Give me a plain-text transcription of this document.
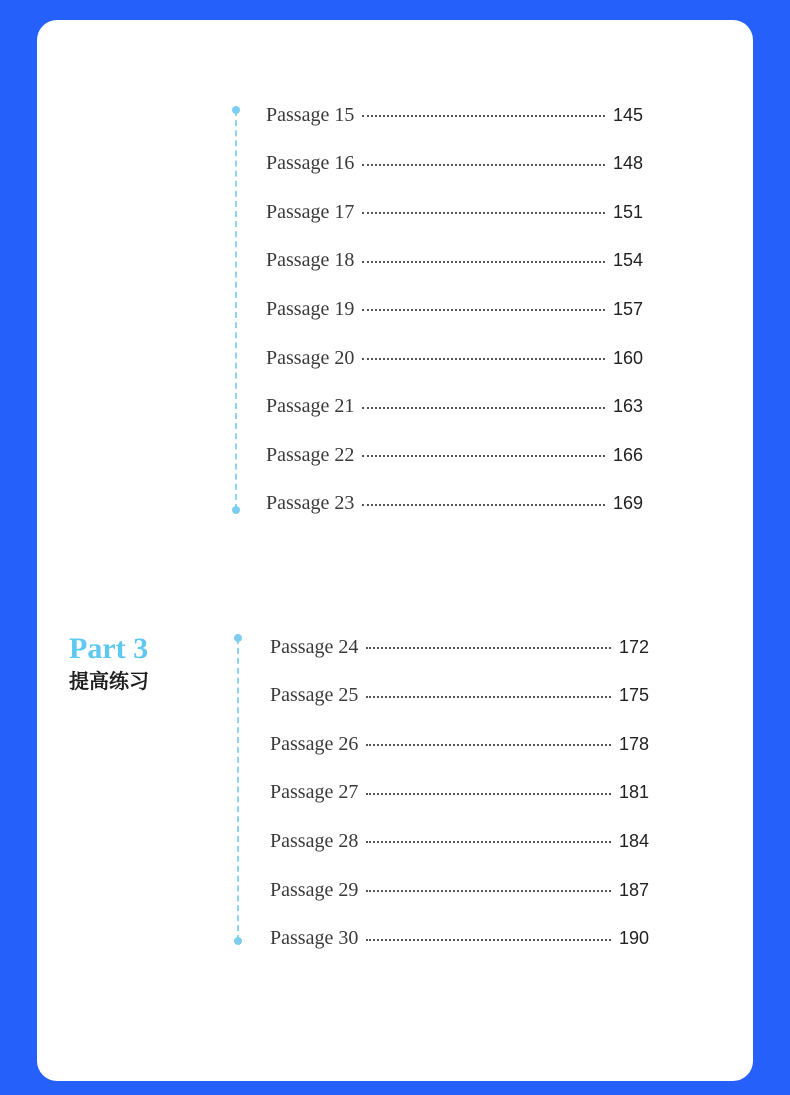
Part 3
提高练习
Passage 15	145
Passage 16	148
Passage 17	151
Passage 18	154
Passage 19	157
Passage 20	160
Passage 21	163
Passage 22	166
Passage 23	169
Passage 24	172
Passage 25	175
Passage 26	178
Passage 27	181
Passage 28	184
Passage 29	187
Passage 30	190
